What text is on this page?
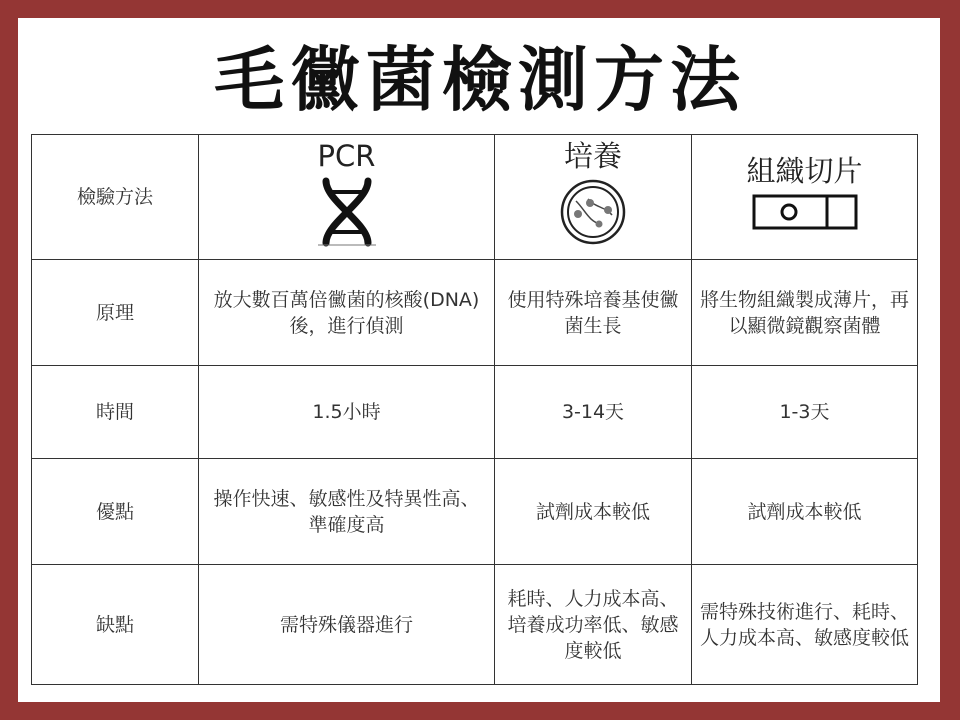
毛黴菌檢測方法
檢驗方法	PCR	培養	組織切片

原理	放大數百萬倍黴菌的核酸(DNA)後，進行偵測	使用特殊培養基使黴菌生長	將生物組織製成薄片，再以顯微鏡觀察菌體
時間	1.5小時	3-14天	1-3天
優點	操作快速、敏感性及特異性高、準確度高	試劑成本較低	試劑成本較低
缺點	需特殊儀器進行	耗時、人力成本高、培養成功率低、敏感度較低	需特殊技術進行、耗時、人力成本高、敏感度較低
